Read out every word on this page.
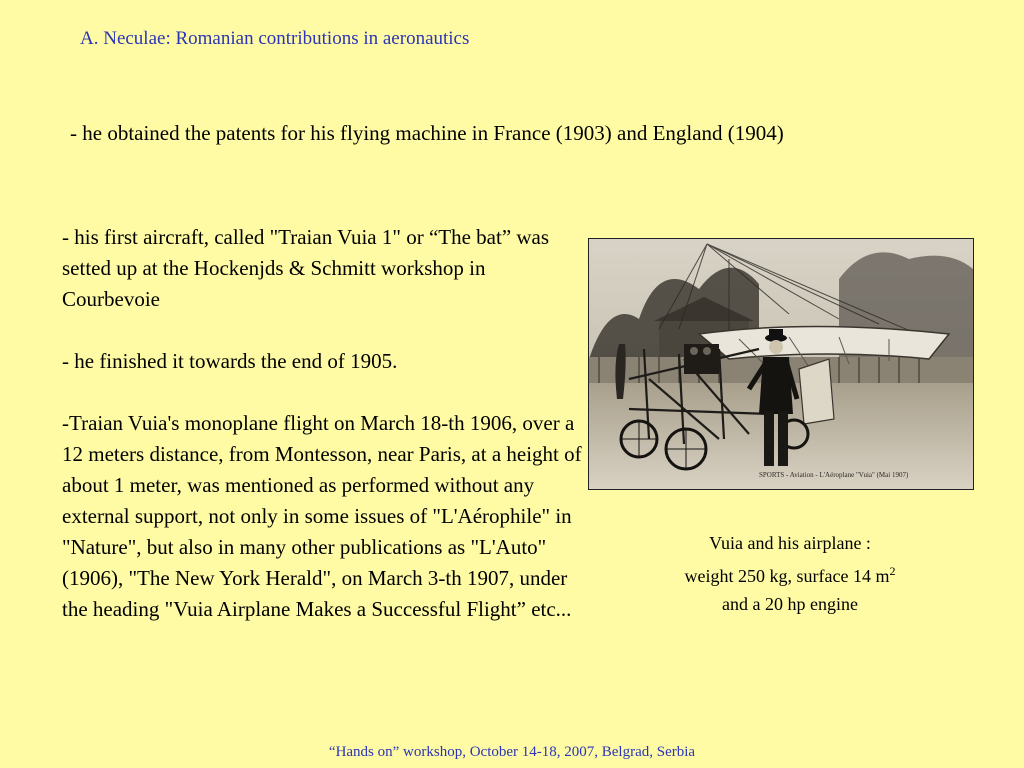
A. Neculae: Romanian contributions in aeronautics
- he obtained the patents for his flying machine in France (1903) and England (1904)

- his first aircraft, called "Traian Vuia 1" or “The bat” was setted up at the Hockenjds & Schmitt workshop in Courbevoie

- he finished it towards the end of 1905.

-Traian Vuia's monoplane flight on March 18-th 1906, over a 12 meters distance, from Montesson, near Paris, at a height of about 1 meter, was mentioned as performed without any external support, not only in some issues of "L'Aérophile" in "Nature", but also in many other publications as "L'Auto" (1906), "The New York Herald", on March 3-th 1907, under the heading "Vuia Airplane Makes a Successful Flight” etc...

SPORTS - Aviation - L'Aéroplane "Vuia" (Mai 1907)
Vuia and his airplane :
weight 250 kg, surface 14 $m^2$
and a 20 hp engine
“Hands on” workshop, October 14-18, 2007, Belgrad, Serbia
